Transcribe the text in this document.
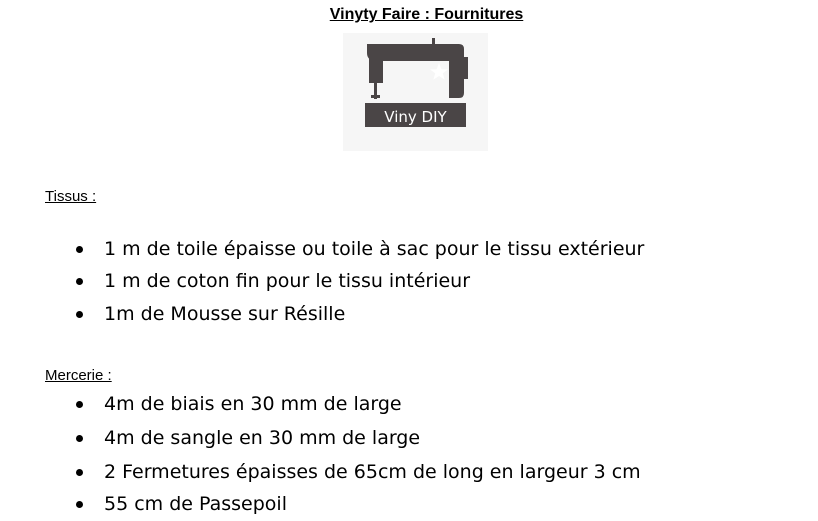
Vinyty Faire : Fournitures
Viny DIY
Tissus :
1 m de toile épaisse ou toile à sac pour le tissu extérieur
1 m de coton fin pour le tissu intérieur
1m de Mousse sur Résille
Mercerie :
4m de biais en 30 mm de large
4m de sangle en 30 mm de large
2 Fermetures épaisses de 65cm de long en largeur 3 cm
55 cm de Passepoil
